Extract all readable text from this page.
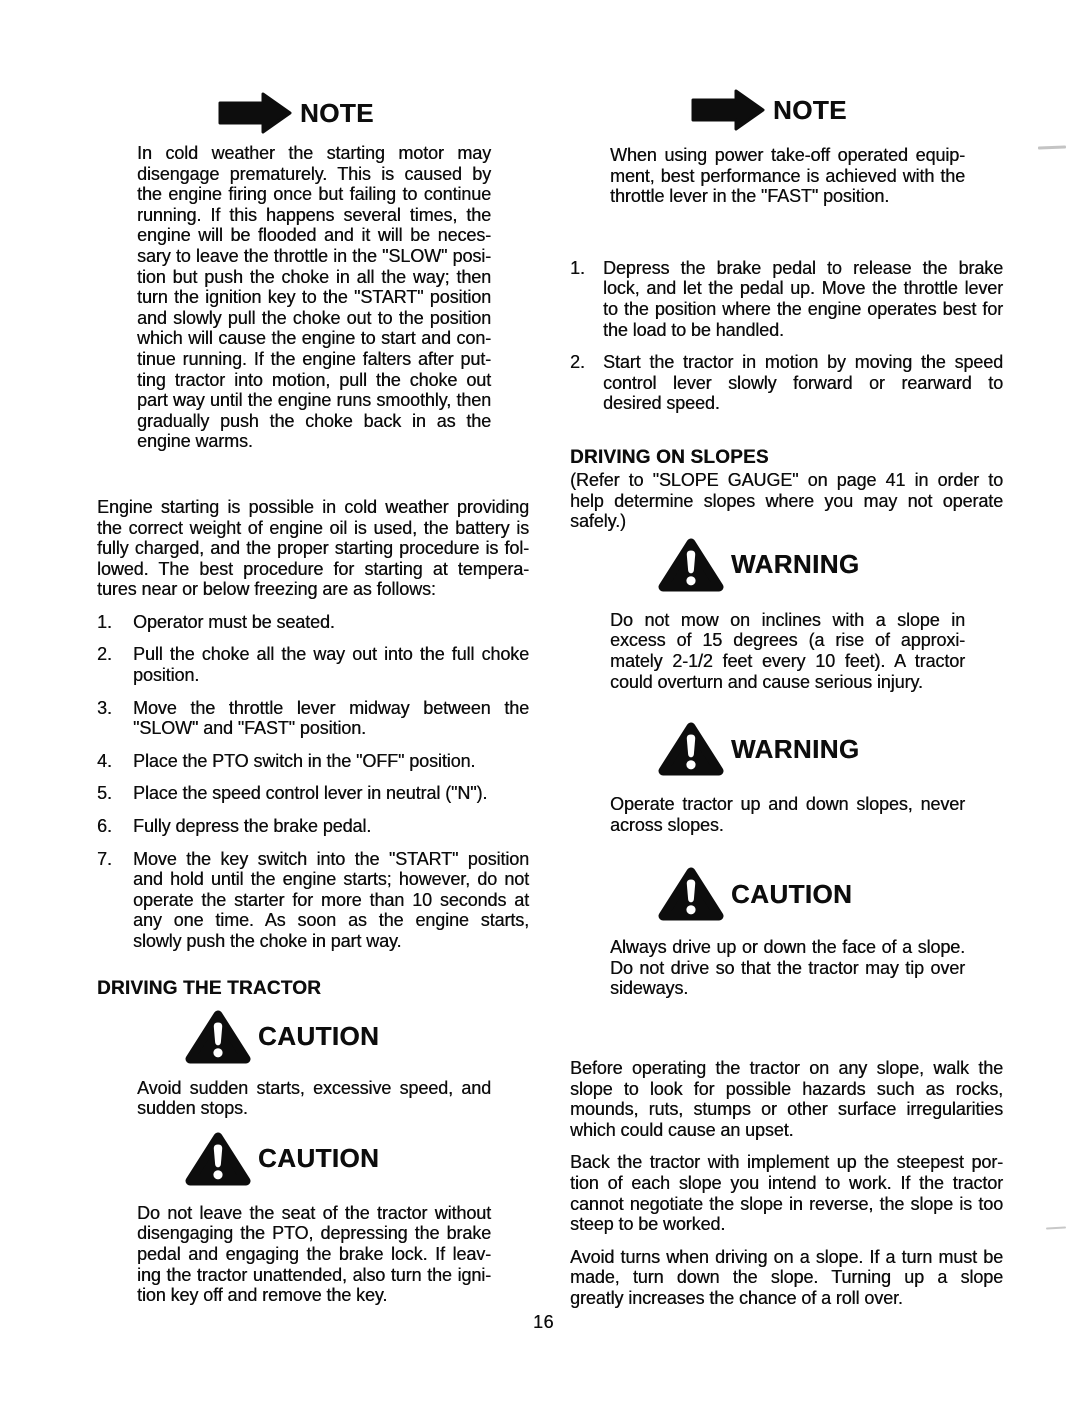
NOTE
In cold weather the starting motor may
disengage prematurely. This is caused by
the engine firing once but failing to continue
running. If this happens several times, the
engine will be flooded and it will be neces-
sary to leave the throttle in the "SLOW" posi-
tion but push the choke in all the way; then
turn the ignition key to the "START" position
and slowly pull the choke out to the position
which will cause the engine to start and con-
tinue running. If the engine falters after put-
ting tractor into motion, pull the choke out
part way until the engine runs smoothly, then
gradually push the choke back in as the
engine warms.
Engine starting is possible in cold weather providing
the correct weight of engine oil is used, the battery is
fully charged, and the proper starting procedure is fol-
lowed. The best procedure for starting at tempera-
tures near or below freezing are as follows:
1.	Operator must be seated.
2.	Pull the choke all the way out into the full choke
position.
3.	Move the throttle lever midway between the
"SLOW" and "FAST" position.
4.	Place the PTO switch in the "OFF" position.
5.	Place the speed control lever in neutral ("N").
6.	Fully depress the brake pedal.
7.	Move the key switch into the "START" position
and hold until the engine starts; however, do not
operate the starter for more than 10 seconds at
any one time. As soon as the engine starts,
slowly push the choke in part way.
DRIVING THE TRACTOR
CAUTION
Avoid sudden starts, excessive speed, and
sudden stops.
CAUTION
Do not leave the seat of the tractor without
disengaging the PTO, depressing the brake
pedal and engaging the brake lock. If leav-
ing the tractor unattended, also turn the igni-
tion key off and remove the key.
NOTE
When using power take-off operated equip-
ment, best performance is achieved with the
throttle lever in the "FAST" position.
1.	Depress the brake pedal to release the brake
lock, and let the pedal up. Move the throttle lever
to the position where the engine operates best for
the load to be handled.
2.	Start the tractor in motion by moving the speed
control lever slowly forward or rearward to
desired speed.
DRIVING ON SLOPES
(Refer to "SLOPE GAUGE" on page 41 in order to
help determine slopes where you may not operate
safely.)
WARNING
Do not mow on inclines with a slope in
excess of 15 degrees (a rise of approxi-
mately 2-1/2 feet every 10 feet). A tractor
could overturn and cause serious injury.
WARNING
Operate tractor up and down slopes, never
across slopes.
CAUTION
Always drive up or down the face of a slope.
Do not drive so that the tractor may tip over
sideways.
Before operating the tractor on any slope, walk the
slope to look for possible hazards such as rocks,
mounds, ruts, stumps or other surface irregularities
which could cause an upset.
Back the tractor with implement up the steepest por-
tion of each slope you intend to work. If the tractor
cannot negotiate the slope in reverse, the slope is too
steep to be worked.
Avoid turns when driving on a slope. If a turn must be
made, turn down the slope. Turning up a slope
greatly increases the chance of a roll over.
16
